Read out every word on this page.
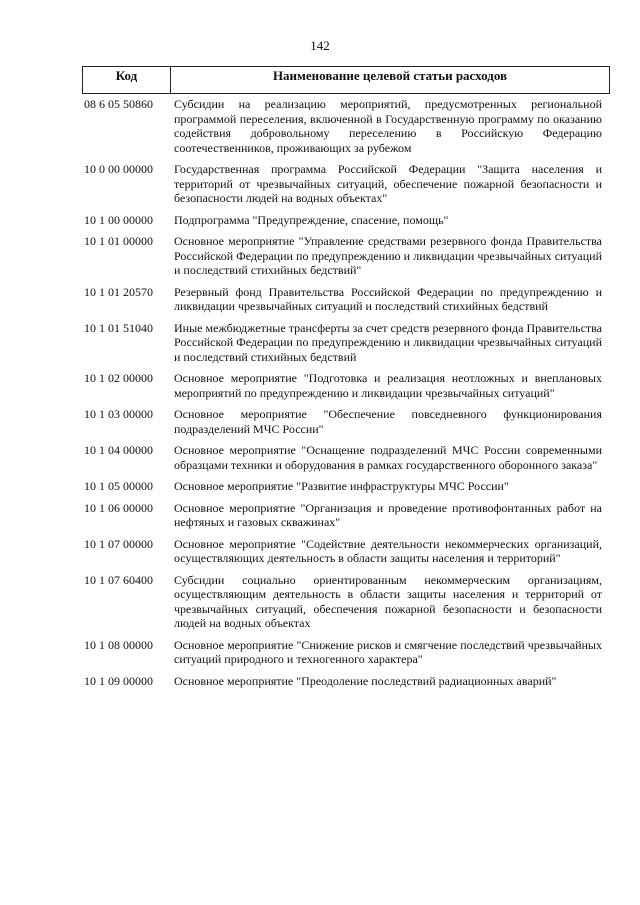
142
Код	Наименование целевой статьи расходов
08 6 05 50860	Субсидии на реализацию мероприятий, предусмотренных региональной программой переселения, включенной в Государственную программу по оказанию содействия добровольному переселению в Российскую Федерацию соотечественников, проживающих за рубежом
10 0 00 00000	Государственная программа Российской Федерации "Защита населения и территорий от чрезвычайных ситуаций, обеспечение пожарной безопасности и безопасности людей на водных объектах"
10 1 00 00000	Подпрограмма "Предупреждение, спасение, помощь"
10 1 01 00000	Основное мероприятие "Управление средствами резервного фонда Правительства Российской Федерации по предупреждению и ликвидации чрезвычайных ситуаций и последствий стихийных бедствий"
10 1 01 20570	Резервный фонд Правительства Российской Федерации по предупреждению и ликвидации чрезвычайных ситуаций и последствий стихийных бедствий
10 1 01 51040	Иные межбюджетные трансферты за счет средств резервного фонда Правительства Российской Федерации по предупреждению и ликвидации чрезвычайных ситуаций и последствий стихийных бедствий
10 1 02 00000	Основное мероприятие "Подготовка и реализация неотложных и внеплановых мероприятий по предупреждению и ликвидации чрезвычайных ситуаций"
10 1 03 00000	Основное мероприятие "Обеспечение повседневного функционирования подразделений МЧС России"
10 1 04 00000	Основное мероприятие "Оснащение подразделений МЧС России современными образцами техники и оборудования в рамках государственного оборонного заказа"
10 1 05 00000	Основное мероприятие "Развитие инфраструктуры МЧС России"
10 1 06 00000	Основное мероприятие "Организация и проведение противофонтанных работ на нефтяных и газовых скважинах"
10 1 07 00000	Основное мероприятие "Содействие деятельности некоммерческих организаций, осуществляющих деятельность в области защиты населения и территорий"
10 1 07 60400	Субсидии социально ориентированным некоммерческим организациям, осуществляющим деятельность в области защиты населения и территорий от чрезвычайных ситуаций, обеспечения пожарной безопасности и безопасности людей на водных объектах
10 1 08 00000	Основное мероприятие "Снижение рисков и смягчение последствий чрезвычайных ситуаций природного и техногенного характера"
10 1 09 00000	Основное мероприятие "Преодоление последствий радиационных аварий"
